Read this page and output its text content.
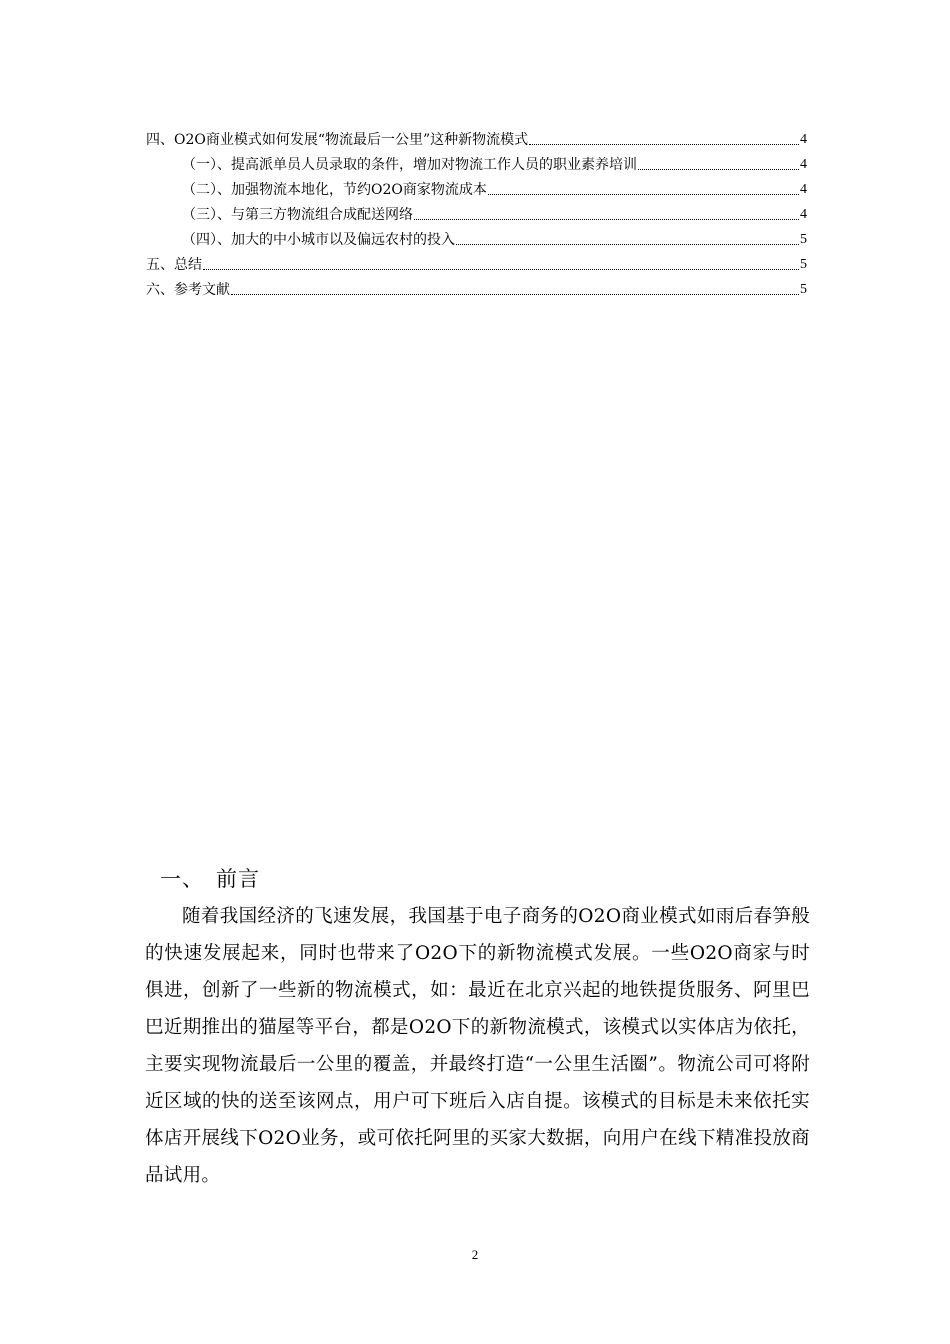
四、O2O商业模式如何发展“物流最后一公里”这种新物流模式	4
（一）、提高派单员人员录取的条件，增加对物流工作人员的职业素养培训	4
（二）、加强物流本地化，节约O2O商家物流成本	4
（三）、与第三方物流组合成配送网络	4
（四）、加大的中小城市以及偏远农村的投入	5
五、总结	5
六、参考文献	5
一、 前言

随着我国经济的飞速发展，我国基于电子商务的O2O商业模式如雨后春笋般的快速发展起来，同时也带来了O2O下的新物流模式发展。一些O2O商家与时俱进，创新了一些新的物流模式，如：最近在北京兴起的地铁提货服务、阿里巴巴近期推出的猫屋等平台，都是O2O下的新物流模式，该模式以实体店为依托，主要实现物流最后一公里的覆盖，并最终打造“一公里生活圈”。物流公司可将附近区域的快的送至该网点，用户可下班后入店自提。该模式的目标是未来依托实体店开展线下O2O业务，或可依托阿里的买家大数据，向用户在线下精准投放商品试用。

2
